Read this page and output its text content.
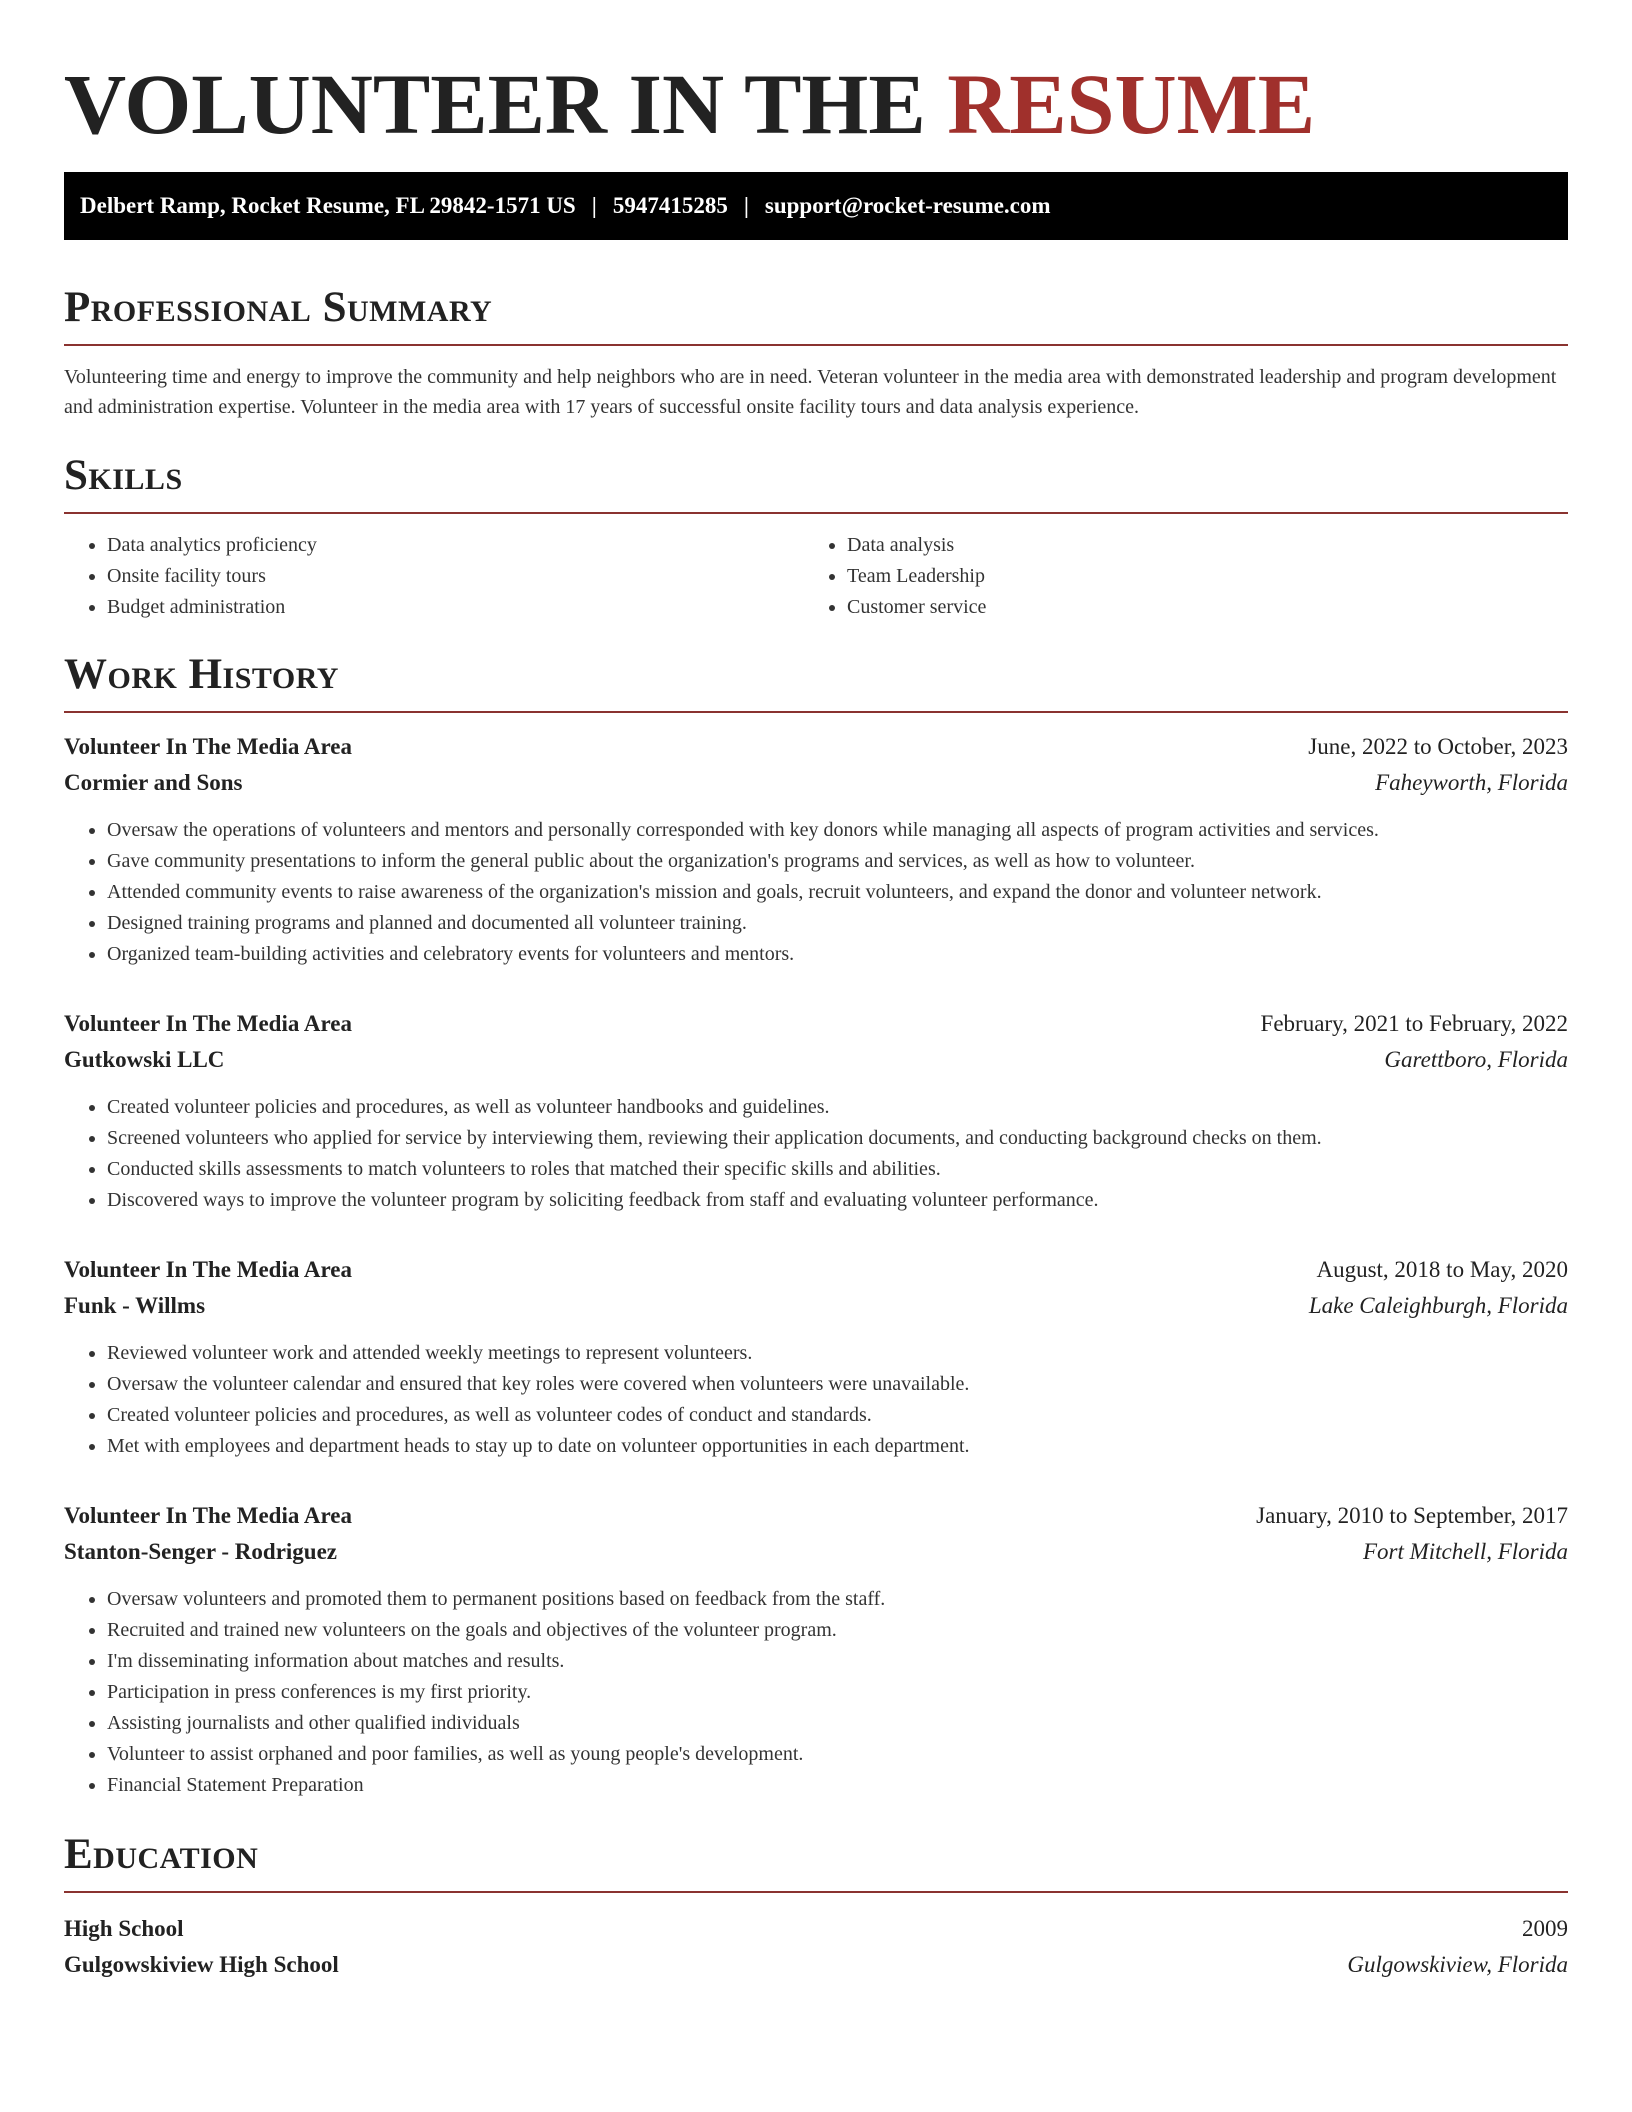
VOLUNTEER IN THE RESUME
Delbert Ramp, Rocket Resume, FL 29842-1571 US | 5947415285 | support@rocket-resume.com
Professional Summary

Volunteering time and energy to improve the community and help neighbors who are in need. Veteran volunteer in the media area with demonstrated leadership and program development and administration expertise. Volunteer in the media area with 17 years of successful onsite facility tours and data analysis experience.

Skills
• Data analytics proficiency
• Onsite facility tours
• Budget administration
• Data analysis
• Team Leadership
• Customer service
Work History
Volunteer In The Media Area	June, 2022 to October, 2023
Cormier and Sons	Faheyworth, Florida
• Oversaw the operations of volunteers and mentors and personally corresponded with key donors while managing all aspects of program activities and services.
• Gave community presentations to inform the general public about the organization's programs and services, as well as how to volunteer.
• Attended community events to raise awareness of the organization's mission and goals, recruit volunteers, and expand the donor and volunteer network.
• Designed training programs and planned and documented all volunteer training.
• Organized team-building activities and celebratory events for volunteers and mentors.
Volunteer In The Media Area	February, 2021 to February, 2022
Gutkowski LLC	Garettboro, Florida
• Created volunteer policies and procedures, as well as volunteer handbooks and guidelines.
• Screened volunteers who applied for service by interviewing them, reviewing their application documents, and conducting background checks on them.
• Conducted skills assessments to match volunteers to roles that matched their specific skills and abilities.
• Discovered ways to improve the volunteer program by soliciting feedback from staff and evaluating volunteer performance.
Volunteer In The Media Area	August, 2018 to May, 2020
Funk - Willms	Lake Caleighburgh, Florida
• Reviewed volunteer work and attended weekly meetings to represent volunteers.
• Oversaw the volunteer calendar and ensured that key roles were covered when volunteers were unavailable.
• Created volunteer policies and procedures, as well as volunteer codes of conduct and standards.
• Met with employees and department heads to stay up to date on volunteer opportunities in each department.
Volunteer In The Media Area	January, 2010 to September, 2017
Stanton-Senger - Rodriguez	Fort Mitchell, Florida
• Oversaw volunteers and promoted them to permanent positions based on feedback from the staff.
• Recruited and trained new volunteers on the goals and objectives of the volunteer program.
• I'm disseminating information about matches and results.
• Participation in press conferences is my first priority.
• Assisting journalists and other qualified individuals
• Volunteer to assist orphaned and poor families, as well as young people's development.
• Financial Statement Preparation
Education
High School	2009
Gulgowskiview High School	Gulgowskiview, Florida
